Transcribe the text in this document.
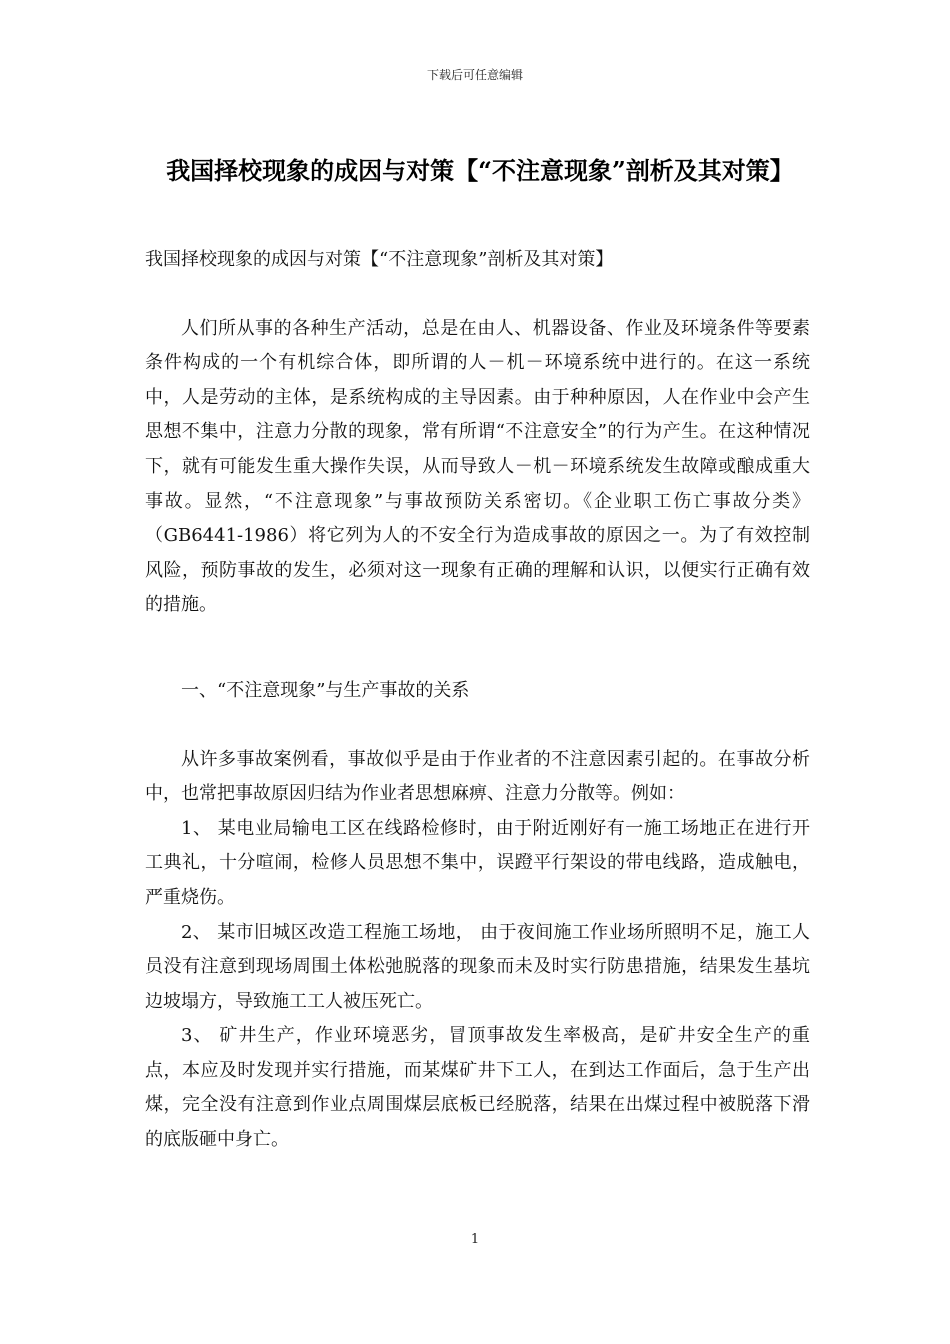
下载后可任意编辑
我国择校现象的成因与对策【“不注意现象”剖析及其对策】

我国择校现象的成因与对策【“不注意现象”剖析及其对策】

人们所从事的各种生产活动，总是在由人、机器设备、作业及环境条件等要素条件构成的一个有机综合体，即所谓的人－机－环境系统中进行的。在这一系统中，人是劳动的主体，是系统构成的主导因素。由于种种原因，人在作业中会产生思想不集中，注意力分散的现象，常有所谓“不注意安全”的行为产生。在这种情况下，就有可能发生重大操作失误，从而导致人－机－环境系统发生故障或酿成重大事故。显然，“不注意现象”与事故预防关系密切。《企业职工伤亡事故分类》（GB6441-1986）将它列为人的不安全行为造成事故的原因之一。为了有效控制风险，预防事故的发生，必须对这一现象有正确的理解和认识，以便实行正确有效的措施。

一、“不注意现象”与生产事故的关系

从许多事故案例看，事故似乎是由于作业者的不注意因素引起的。在事故分析中，也常把事故原因归结为作业者思想麻痹、注意力分散等。例如：

1、 某电业局输电工区在线路检修时，由于附近刚好有一施工场地正在进行开工典礼，十分喧闹，检修人员思想不集中，误蹬平行架设的带电线路，造成触电，严重烧伤。

2、 某市旧城区改造工程施工场地， 由于夜间施工作业场所照明不足，施工人员没有注意到现场周围土体松弛脱落的现象而未及时实行防患措施，结果发生基坑边坡塌方，导致施工工人被压死亡。

3、 矿井生产，作业环境恶劣，冒顶事故发生率极高，是矿井安全生产的重点，本应及时发现并实行措施，而某煤矿井下工人，在到达工作面后，急于生产出煤，完全没有注意到作业点周围煤层底板已经脱落，结果在出煤过程中被脱落下滑的底版砸中身亡。

1
